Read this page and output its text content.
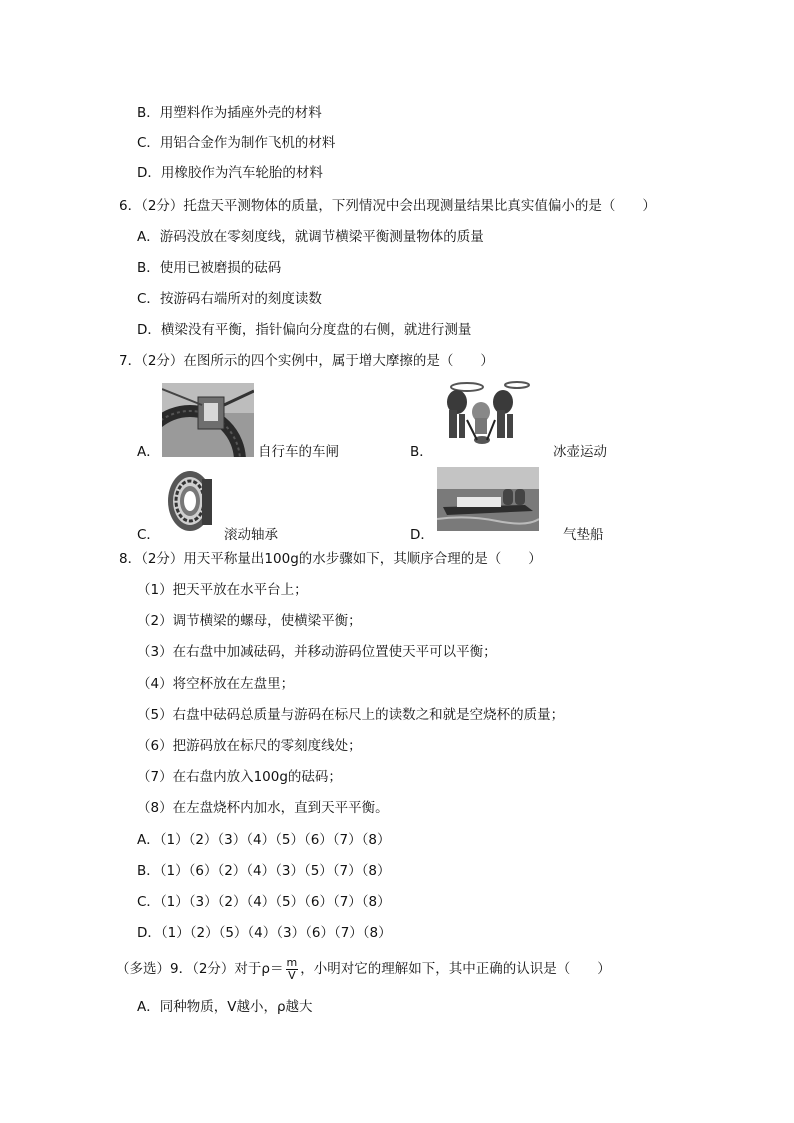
B．用塑料作为插座外壳的材料
C．用铝合金作为制作飞机的材料
D．用橡胶作为汽车轮胎的材料
6．（2分）托盘天平测物体的质量，下列情况中会出现测量结果比真实值偏小的是（　　）
A．游码没放在零刻度线，就调节横梁平衡测量物体的质量
B．使用已被磨损的砝码
C．按游码右端所对的刻度读数
D．横梁没有平衡，指针偏向分度盘的右侧，就进行测量
7．（2分）在图所示的四个实例中，属于增大摩擦的是（　　）
A．	自行车的车闸	B．	冰壶运动
C．	滚动轴承	D．	气垫船
8．（2分）用天平称量出100g的水步骤如下，其顺序合理的是（　　）
（1）把天平放在水平台上；
（2）调节横梁的螺母，使横梁平衡；
（3）在右盘中加减砝码，并移动游码位置使天平可以平衡；
（4）将空杯放在左盘里；
（5）右盘中砝码总质量与游码在标尺上的读数之和就是空烧杯的质量；
（6）把游码放在标尺的零刻度线处；
（7）在右盘内放入100g的砝码；
（8）在左盘烧杯内加水，直到天平平衡。
A．（1）（2）（3）（4）（5）（6）（7）（8）
B．（1）（6）（2）（4）（3）（5）（7）（8）
C．（1）（3）（2）（4）（5）（6）（7）（8）
D．（1）（2）（5）（4）（3）（6）（7）（8）
（多选）9．（2分）对于$\rho= \frac{m}{V}$ ，小明对它的理解如下，其中正确的认识是（　　）
A．同种物质，V越小，ρ越大
